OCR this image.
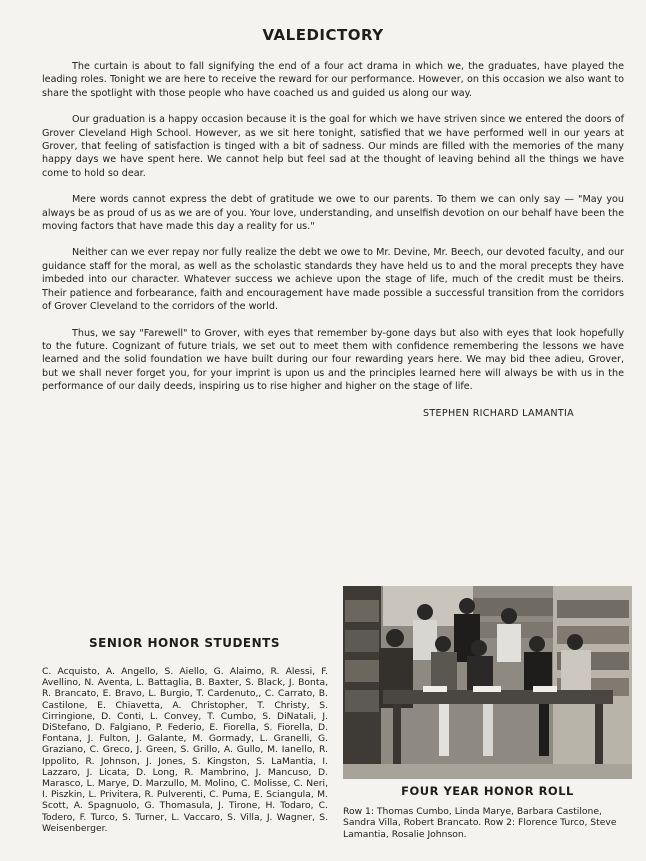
VALEDICTORY

The curtain is about to fall signifying the end of a four act drama in which we, the graduates, have played the leading roles. Tonight we are here to receive the reward for our performance. However, on this occasion we also want to share the spotlight with those people who have coached us and guided us along our way.

Our graduation is a happy occasion because it is the goal for which we have striven since we entered the doors of Grover Cleveland High School. However, as we sit here tonight, satisfied that we have performed well in our years at Grover, that feeling of satisfaction is tinged with a bit of sadness. Our minds are filled with the memories of the many happy days we have spent here. We cannot help but feel sad at the thought of leaving behind all the things we have come to hold so dear.

Mere words cannot express the debt of gratitude we owe to our parents. To them we can only say — "May you always be as proud of us as we are of you. Your love, understanding, and unselfish devotion on our behalf have been the moving factors that have made this day a reality for us."

Neither can we ever repay nor fully realize the debt we owe to Mr. Devine, Mr. Beech, our devoted faculty, and our guidance staff for the moral, as well as the scholastic standards they have held us to and the moral precepts they have imbeded into our character. Whatever success we achieve upon the stage of life, much of the credit must be theirs. Their patience and forbearance, faith and encouragement have made possible a successful transition from the corridors of Grover Cleveland to the corridors of the world.

Thus, we say "Farewell" to Grover, with eyes that remember by-gone days but also with eyes that look hopefully to the future. Cognizant of future trials, we set out to meet them with confidence remembering the lessons we have learned and the solid foundation we have built during our four rewarding years here. We may bid thee adieu, Grover, but we shall never forget you, for your imprint is upon us and the principles learned here will always be with us in the performance of our daily deeds, inspiring us to rise higher and higher on the stage of life.

STEPHEN RICHARD LAMANTIA
SENIOR HONOR STUDENTS
C. Acquisto, A. Angello, S. Aiello, G. Alaimo, R. Alessi, F. Avellino, N. Aventa, L. Battaglia, B. Baxter, S. Black, J. Bonta, R. Brancato, E. Bravo, L. Burgio, T. Cardenuto,, C. Carrato, B. Castilone, E. Chiavetta, A. Christopher, T. Christy, S. Cirringione, D. Conti, L. Convey, T. Cumbo, S. DiNatali, J. DiStefano, D. Falgiano, P. Federio, E. Fiorella, S. Fiorella, D. Fontana, J. Fulton, J. Galante, M. Gormady, L. Granelli, G. Graziano, C. Greco, J. Green, S. Grillo, A. Gullo, M. Ianello, R. Ippolito, R. Johnson, J. Jones, S. Kingston, S. LaMantia, I. Lazzaro, J. Licata, D. Long, R. Mambrino, J. Mancuso, D. Marasco, L. Marye, D. Marzullo, M. Molino, C. Molisse, C. Neri, I. Piszkin, L. Privitera, R. Pulverenti, C. Puma, E. Sciangula, M. Scott, A. Spagnuolo, G. Thomasula, J. Tirone, H. Todaro, C. Todero, F. Turco, S. Turner, L. Vaccaro, S. Villa, J. Wagner, S. Weisenberger.
FOUR YEAR HONOR ROLL
Row 1: Thomas Cumbo, Linda Marye, Barbara Castilone, Sandra Villa, Robert Brancato. Row 2: Florence Turco, Steve Lamantia, Rosalie Johnson.
